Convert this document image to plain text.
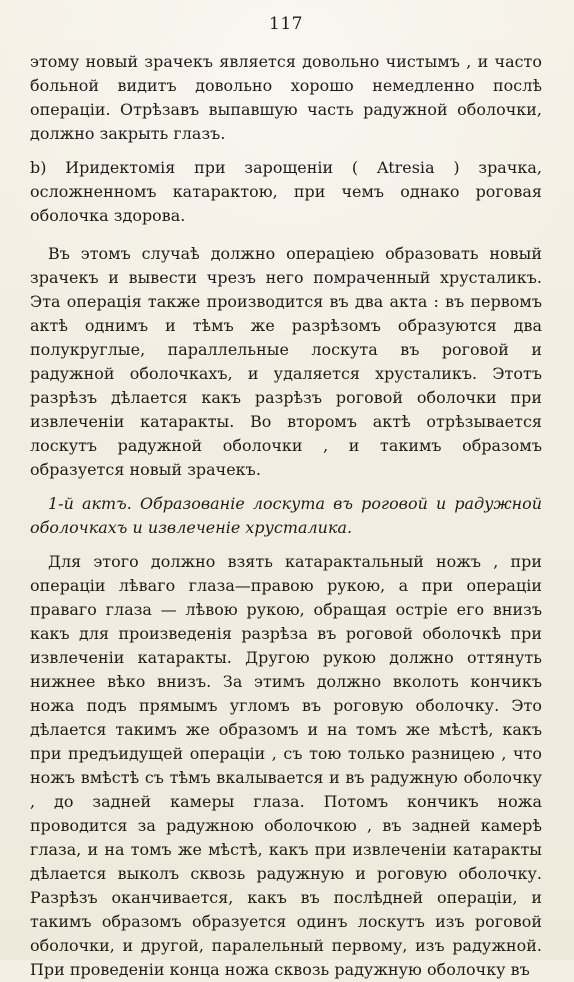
117

этому новый зрачекъ является довольно чистымъ , и часто больной видитъ довольно хорошо немедленно послѣ операціи. Отрѣзавъ выпавшую часть радужной оболочки, должно закрыть глазъ.

b) Иридектомія при зарощеніи ( Atresia ) зрачка, осложненномъ катарактою, при чемъ однако роговая оболочка здорова.

Въ этомъ случаѣ должно операціею образовать новый зрачекъ и вывести чрезъ него помраченный хрусталикъ. Эта операція также производится въ два акта : въ первомъ актѣ однимъ и тѣмъ же разрѣзомъ образуются два полукруглые, параллельные лоскута въ роговой и радужной оболочкахъ, и удаляется хрусталикъ. Этотъ разрѣзъ дѣлается какъ разрѣзъ роговой оболочки при извлеченіи катаракты. Во второмъ актѣ отрѣзывается лоскутъ радужной оболочки , и такимъ образомъ образуется новый зрачекъ.

1-й актъ. Образованіе лоскута въ роговой и радужной оболочкахъ и извлеченіе хрусталика.

Для этого должно взять катарактальный ножъ , при операціи лѣваго глаза—правою рукою, а при операціи праваго глаза — лѣвою рукою, обращая остріе его внизъ какъ для произведенія разрѣза въ роговой оболочкѣ при извлеченіи катаракты. Другою рукою должно оттянуть нижнее вѣко внизъ. За этимъ должно вколоть кончикъ ножа подъ прямымъ угломъ въ роговую оболочку. Это дѣлается такимъ же образомъ и на томъ же мѣстѣ, какъ при предъидущей операціи , съ тою только разницею , что ножъ вмѣстѣ съ тѣмъ вкалывается и въ радужную оболочку , до задней камеры глаза. Потомъ кончикъ ножа проводится за радужною оболочкою , въ задней камерѣ глаза, и на томъ же мѣстѣ, какъ при извлеченіи катаракты дѣлается выколъ сквозь радужную и роговую оболочку. Разрѣзъ оканчивается, какъ въ послѣдней операціи, и такимъ образомъ образуется одинъ лоскутъ изъ роговой оболочки, и другой, паралельный первому, изъ радужной. При проведеніи конца ножа сквозь радужную оболочку въ
